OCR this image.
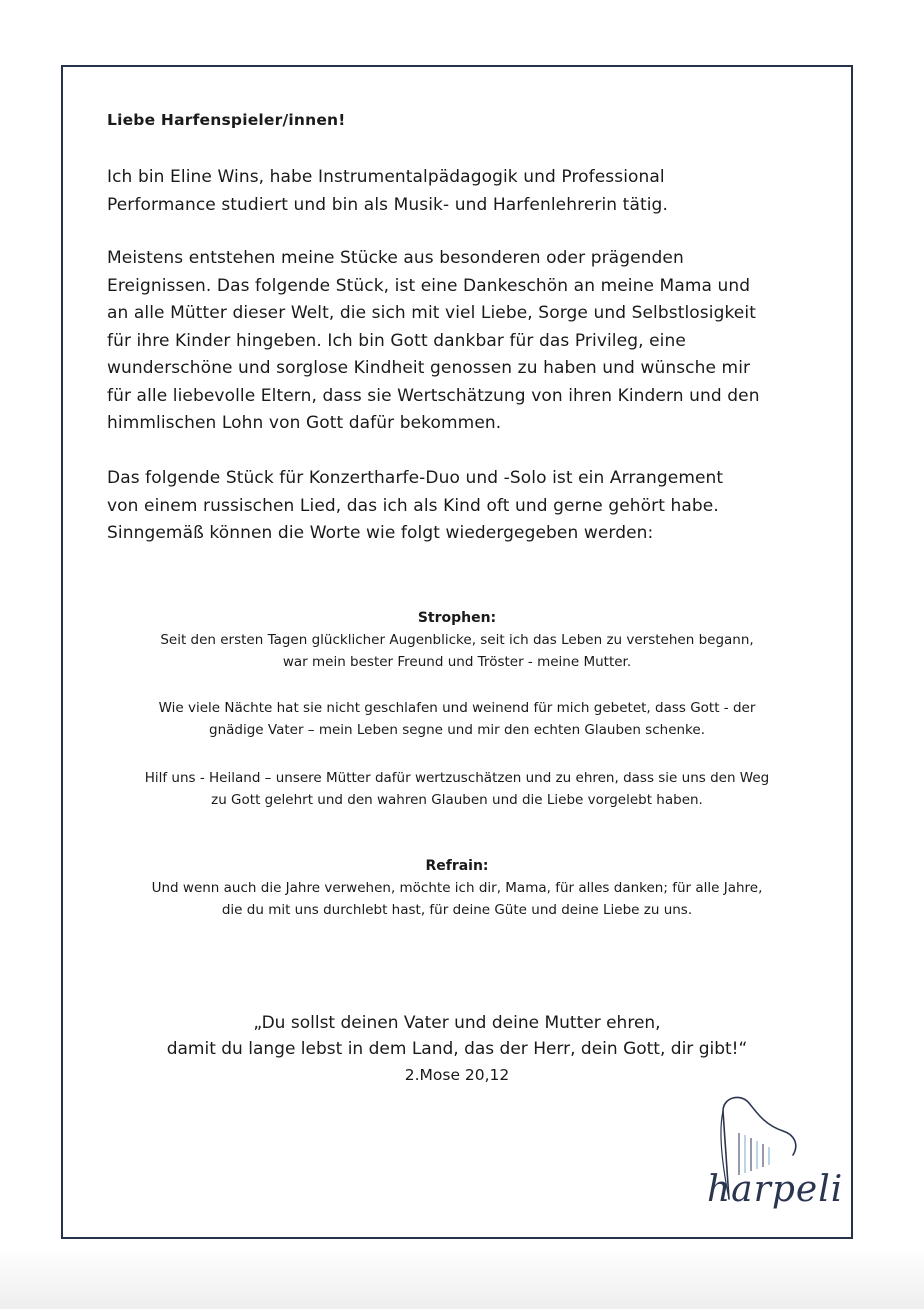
Liebe Harfenspieler/innen!

Ich bin Eline Wins, habe Instrumentalpädagogik und Professional
Performance studiert und bin als Musik- und Harfenlehrerin tätig.

Meistens entstehen meine Stücke aus besonderen oder prägenden
Ereignissen. Das folgende Stück, ist eine Dankeschön an meine Mama und
an alle Mütter dieser Welt, die sich mit viel Liebe, Sorge und Selbstlosigkeit
für ihre Kinder hingeben. Ich bin Gott dankbar für das Privileg, eine
wunderschöne und sorglose Kindheit genossen zu haben und wünsche mir
für alle liebevolle Eltern, dass sie Wertschätzung von ihren Kindern und den
himmlischen Lohn von Gott dafür bekommen.

Das folgende Stück für Konzertharfe-Duo und -Solo ist ein Arrangement
von einem russischen Lied, das ich als Kind oft und gerne gehört habe.
Sinngemäß können die Worte wie folgt wiedergegeben werden:

Strophen:
Seit den ersten Tagen glücklicher Augenblicke, seit ich das Leben zu verstehen begann,
war mein bester Freund und Tröster - meine Mutter.
Wie viele Nächte hat sie nicht geschlafen und weinend für mich gebetet, dass Gott - der
gnädige Vater – mein Leben segne und mir den echten Glauben schenke.
Hilf uns - Heiland – unsere Mütter dafür wertzuschätzen und zu ehren, dass sie uns den Weg
zu Gott gelehrt und den wahren Glauben und die Liebe vorgelebt haben.
Refrain:
Und wenn auch die Jahre verwehen, möchte ich dir, Mama, für alles danken; für alle Jahre,
die du mit uns durchlebt hast, für deine Güte und deine Liebe zu uns.
„Du sollst deinen Vater und deine Mutter ehren,
damit du lange lebst in dem Land, das der Herr, dein Gott, dir gibt!“
2.Mose 20,12
harpeli
